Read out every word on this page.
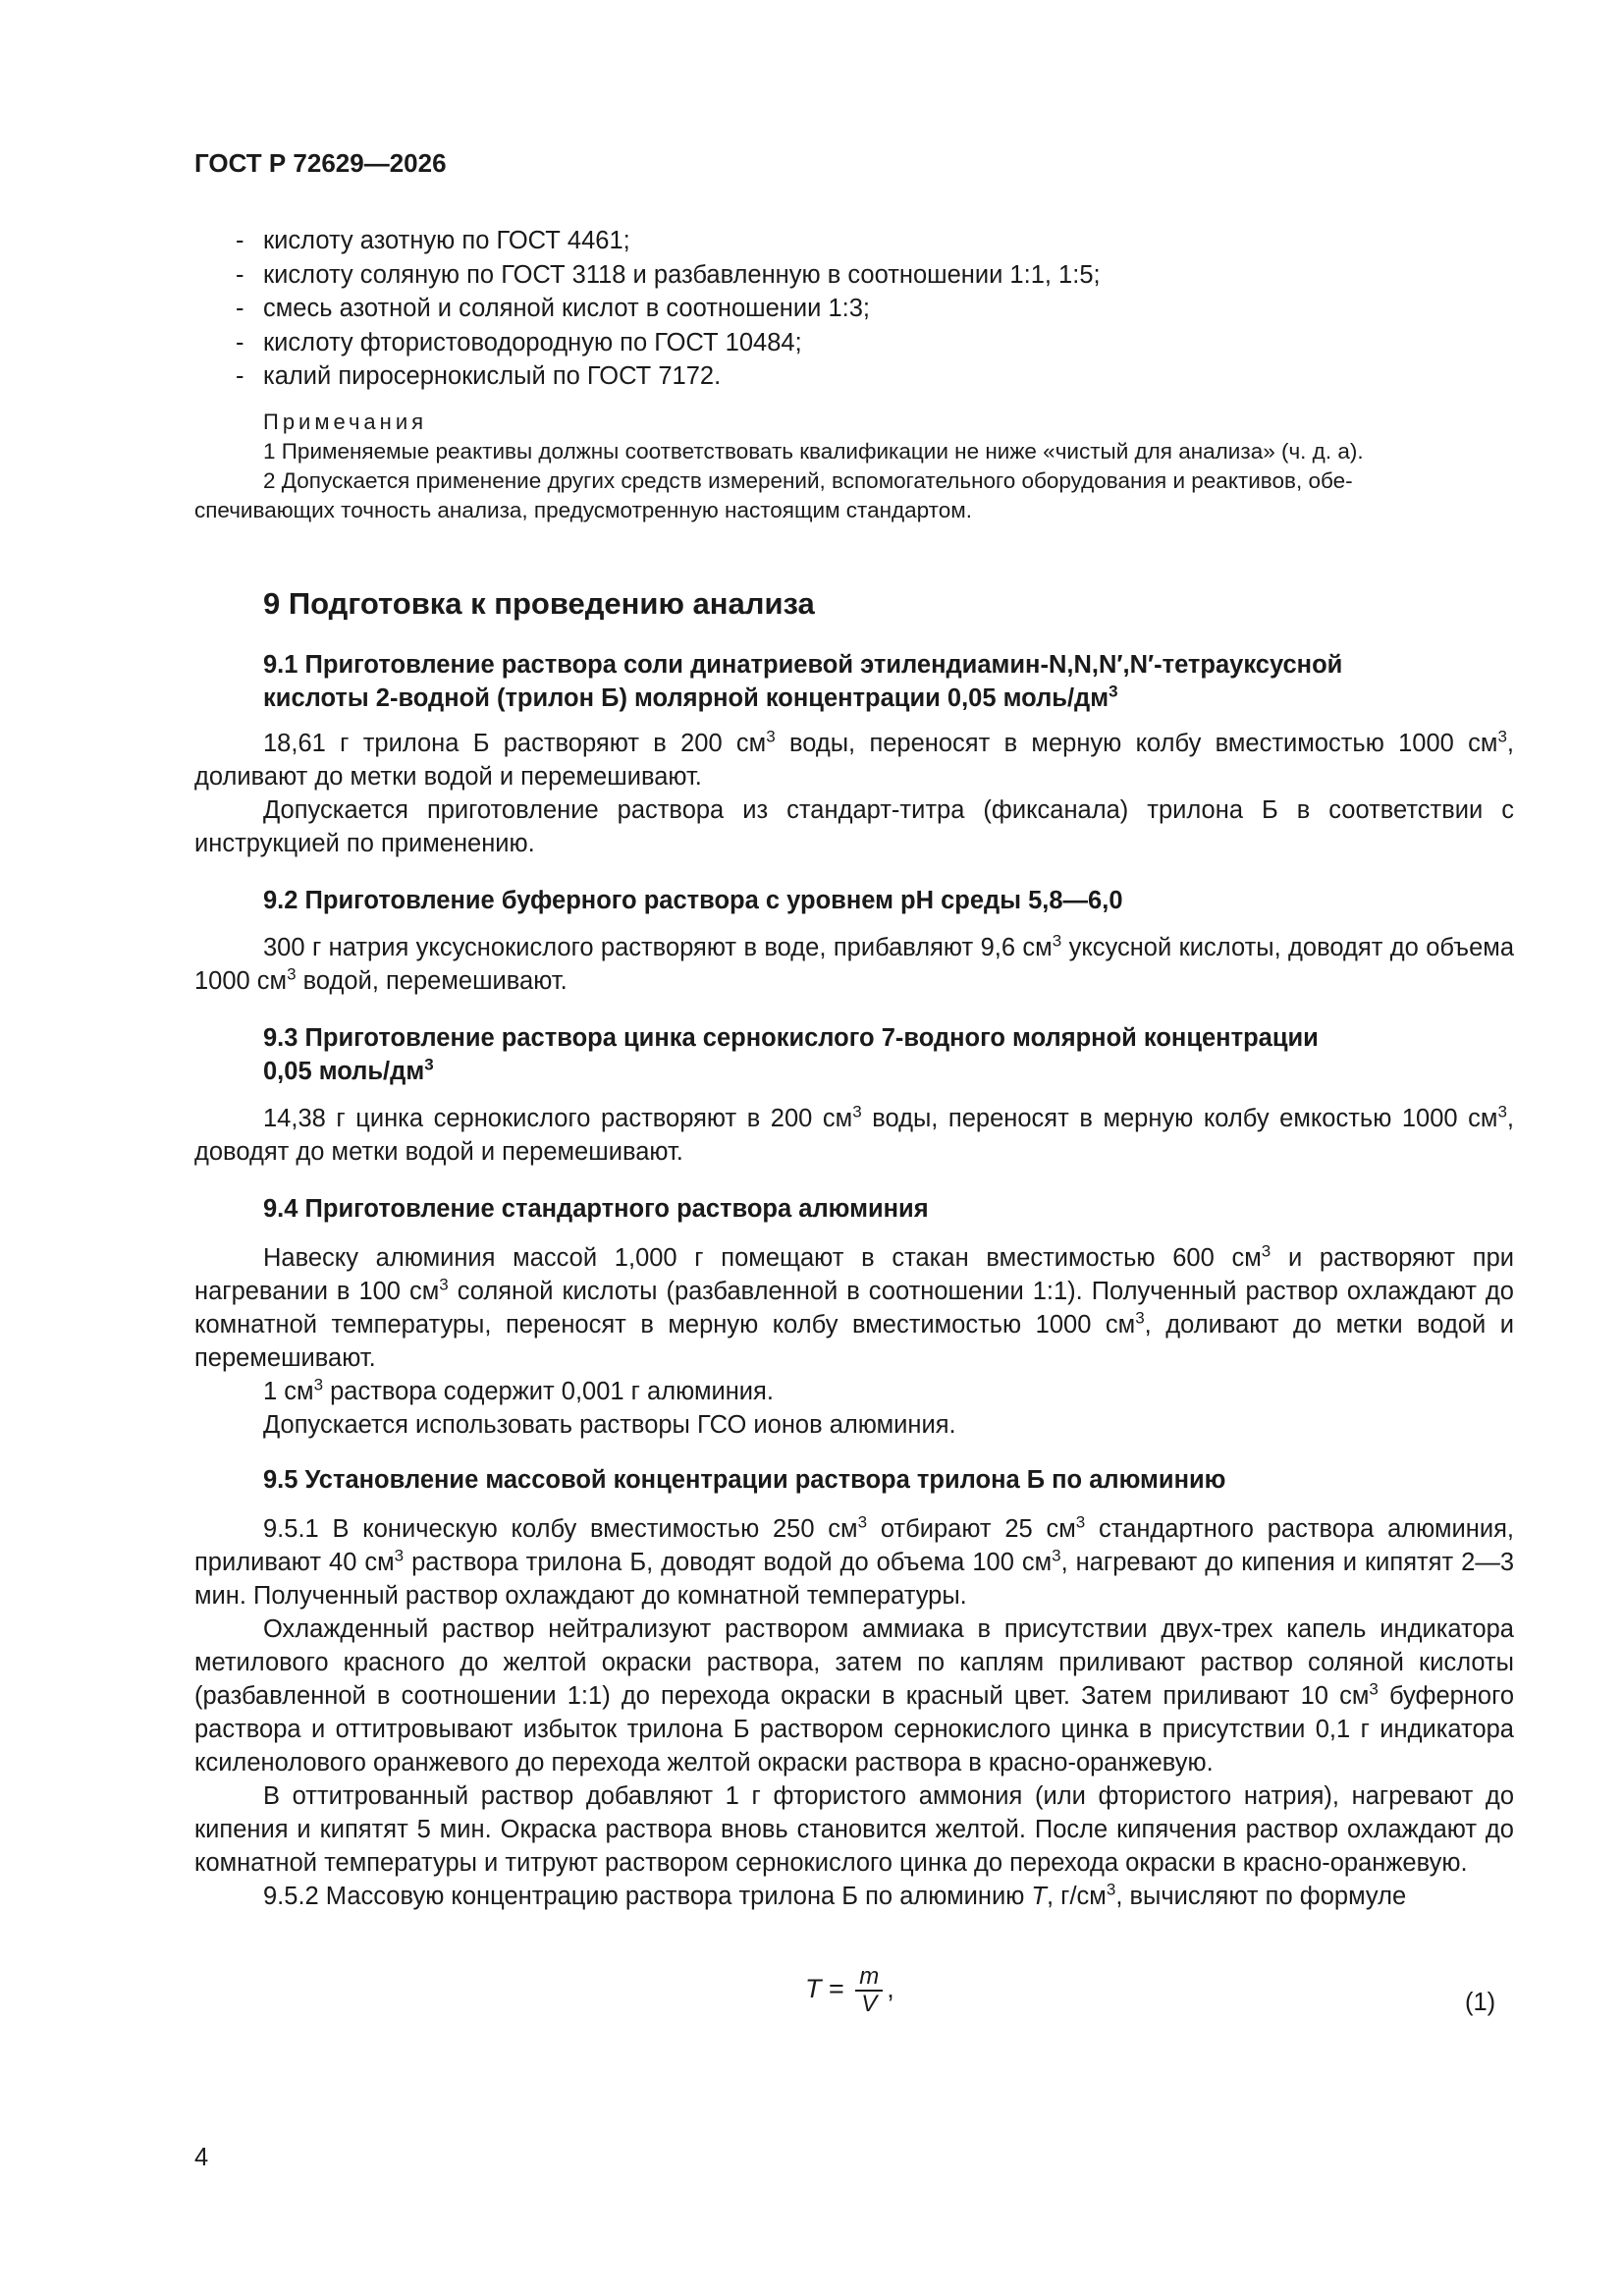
ГОСТ Р 72629—2026
- кислоту азотную по ГОСТ 4461;
- кислоту соляную по ГОСТ 3118 и разбавленную в соотношении 1:1, 1:5;
- смесь азотной и соляной кислот в соотношении 1:3;
- кислоту фтористоводородную по ГОСТ 10484;
- калий пиросернокислый по ГОСТ 7172.
Примечания
1 Применяемые реактивы должны соответствовать квалификации не ниже «чистый для анализа» (ч. д. а).
2 Допускается применение других средств измерений, вспомогательного оборудования и реактивов, обе-
спечивающих точность анализа, предусмотренную настоящим стандартом.
9 Подготовка к проведению анализа
9.1 Приготовление раствора соли динатриевой этилендиамин-N,N,N′,N′-тетрауксусной
кислоты 2-водной (трилон Б) молярной концентрации 0,05 моль/$дм^3$

18,61 г трилона Б растворяют в 200 $см^3$ воды, переносят в мерную колбу вместимостью 1000 $см^3$, доливают до метки водой и перемешивают.

Допускается приготовление раствора из стандарт-титра (фиксанала) трилона Б в соответствии с инструкцией по применению.

9.2 Приготовление буферного раствора с уровнем рН среды 5,8—6,0

300 г натрия уксуснокислого растворяют в воде, прибавляют 9,6 $см^3$ уксусной кислоты, доводят до объема 1000 $см^3$ водой, перемешивают.

9.3 Приготовление раствора цинка сернокислого 7-водного молярной концентрации
0,05 моль/$дм^3$

14,38 г цинка сернокислого растворяют в 200 $см^3$ воды, переносят в мерную колбу емкостью 1000 $см^3$, доводят до метки водой и перемешивают.

9.4 Приготовление стандартного раствора алюминия

Навеску алюминия массой 1,000 г помещают в стакан вместимостью 600 $см^3$ и растворяют при нагревании в 100 $см^3$ соляной кислоты (разбавленной в соотношении 1:1). Полученный раствор охлаждают до комнатной температуры, переносят в мерную колбу вместимостью 1000 $см^3$, доливают до метки водой и перемешивают.

1 $см^3$ раствора содержит 0,001 г алюминия.

Допускается использовать растворы ГСО ионов алюминия.

9.5 Установление массовой концентрации раствора трилона Б по алюминию

9.5.1 В коническую колбу вместимостью 250 $см^3$ отбирают 25 $см^3$ стандартного раствора алюминия, приливают 40 $см^3$ раствора трилона Б, доводят водой до объема 100 $см^3$, нагревают до кипения и кипятят 2—3 мин. Полученный раствор охлаждают до комнатной температуры.

Охлажденный раствор нейтрализуют раствором аммиака в присутствии двух-трех капель индикатора метилового красного до желтой окраски раствора, затем по каплям приливают раствор соляной кислоты (разбавленной в соотношении 1:1) до перехода окраски в красный цвет. Затем приливают 10 $см^3$ буферного раствора и оттитровывают избыток трилона Б раствором сернокислого цинка в присутствии 0,1 г индикатора ксиленолового оранжевого до перехода желтой окраски раствора в красно-оранжевую.

В оттитрованный раствор добавляют 1 г фтористого аммония (или фтористого натрия), нагревают до кипения и кипятят 5 мин. Окраска раствора вновь становится желтой. После кипячения раствор охлаждают до комнатной температуры и титруют раствором сернокислого цинка до перехода окраски в красно-оранжевую.

9.5.2 Массовую концентрацию раствора трилона Б по алюминию T, $г/см^3$, вычисляют по формуле

$T = \frac{m}{V}$ ,	(1)
4
